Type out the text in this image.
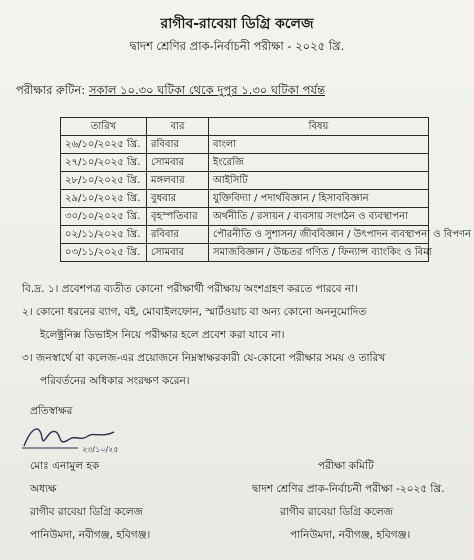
রাগীব-রাবেয়া ডিগ্রি কলেজ
দ্বাদশ শ্রেণির প্রাক-নির্বাচনী পরীক্ষা - ২০২৫ খ্রি.
পরীক্ষার রুটিন: সকাল ১০.৩০ ঘটিকা থেকে দুপুর ১.৩০ ঘটিকা পর্যন্ত
তারিখ	বার	বিষয়
২৬/১০/২০২৫ খ্রি.	রবিবার	বাংলা
২৭/১০/২০২৫ খ্রি.	সোমবার	ইংরেজি
২৮/১০/২০২৫ খ্রি.	মঙ্গলবার	আইসিটি
২৯/১০/২০২৫ খ্রি.	বুধবার	যুক্তিবিদ্যা / পদার্থবিজ্ঞান / হিসাববিজ্ঞান
৩০/১০/২০২৫ খ্রি.	বৃহস্পতিবার	অর্থনীতি / রসায়ন / ব্যবসায় সংগঠন ও ব্যবস্থাপনা
০২/১১/২০২৫ খ্রি.	রবিবার	পৌরনীতি ও সুশাসন/ জীববিজ্ঞান / উৎপাদন ব্যবস্থাপনা ও বিপণন
০৩/১১/২০২৫ খ্রি.	সোমবার	সমাজবিজ্ঞান / উচ্চতর গণিত / ফিন্যান্স ব্যাংকিং ও বিমা

বি.দ্র. ১। প্রবেশপত্র ব্যতীত কোনো পরীক্ষার্থী পরীক্ষায় অংশগ্রহণ করতে পারবে না।

২। কোনো ধরনের ব্যাগ, বই, মোবাইলফোন, স্মার্টওয়াচ বা অন্য কোনো অননুমোদিত

ইলেক্ট্রনিক্স ডিভাইস নিয়ে পরীক্ষার হলে প্রবেশ করা যাবে না।

৩। জনস্বার্থে বা কলেজ-এর প্রয়োজনে নিম্নস্বাক্ষরকারী যে-কোনো পরীক্ষার সময় ও তারিখ

পরিবর্তনের অধিকার সংরক্ষণ করেন।

প্রতিস্বাক্ষর
২৩/১০/২৫
মোঃ এনামুল হক
অধ্যক্ষ
রাগীব রাবেয়া ডিগ্রি কলেজ
পানিউমদা, নবীগঞ্জ, হবিগঞ্জ।
পরীক্ষা কমিটি
দ্বাদশ শ্রেণির প্রাক-নির্বাচনী পরীক্ষা -২০২৫ খ্রি.
রাগীব রাবেয়া ডিগ্রি কলেজ
পানিউমদা, নবীগঞ্জ, হবিগঞ্জ।
